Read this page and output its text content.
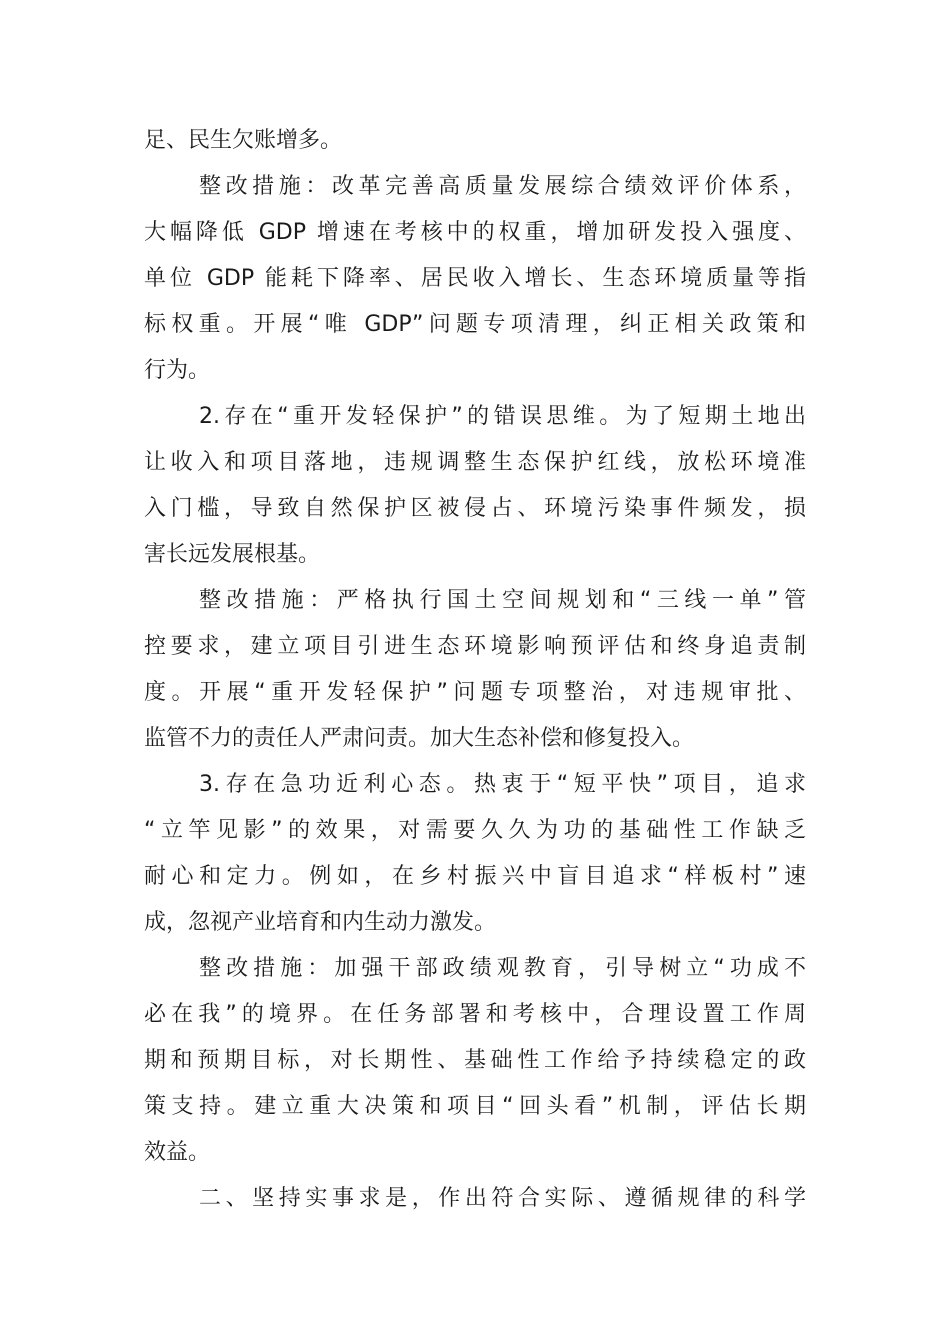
足、民生欠账增多。
整改措施：改革完善高质量发展综合绩效评价体系，
大幅降低 GDP 增速在考核中的权重，增加研发投入强度、
单位 GDP 能耗下降率、居民收入增长、生态环境质量等指
标权重。开展“唯 GDP”问题专项清理，纠正相关政策和
行为。
2.存在“重开发轻保护”的错误思维。为了短期土地出
让收入和项目落地，违规调整生态保护红线，放松环境准
入门槛，导致自然保护区被侵占、环境污染事件频发，损
害长远发展根基。
整改措施：严格执行国土空间规划和“三线一单”管
控要求，建立项目引进生态环境影响预评估和终身追责制
度。开展“重开发轻保护”问题专项整治，对违规审批、
监管不力的责任人严肃问责。加大生态补偿和修复投入。
3.存在急功近利心态。热衷于“短平快”项目，追求
“立竿见影”的效果，对需要久久为功的基础性工作缺乏
耐心和定力。例如，在乡村振兴中盲目追求“样板村”速
成，忽视产业培育和内生动力激发。
整改措施：加强干部政绩观教育，引导树立“功成不
必在我”的境界。在任务部署和考核中，合理设置工作周
期和预期目标，对长期性、基础性工作给予持续稳定的政
策支持。建立重大决策和项目“回头看”机制，评估长期
效益。
二、坚持实事求是，作出符合实际、遵循规律的科学
